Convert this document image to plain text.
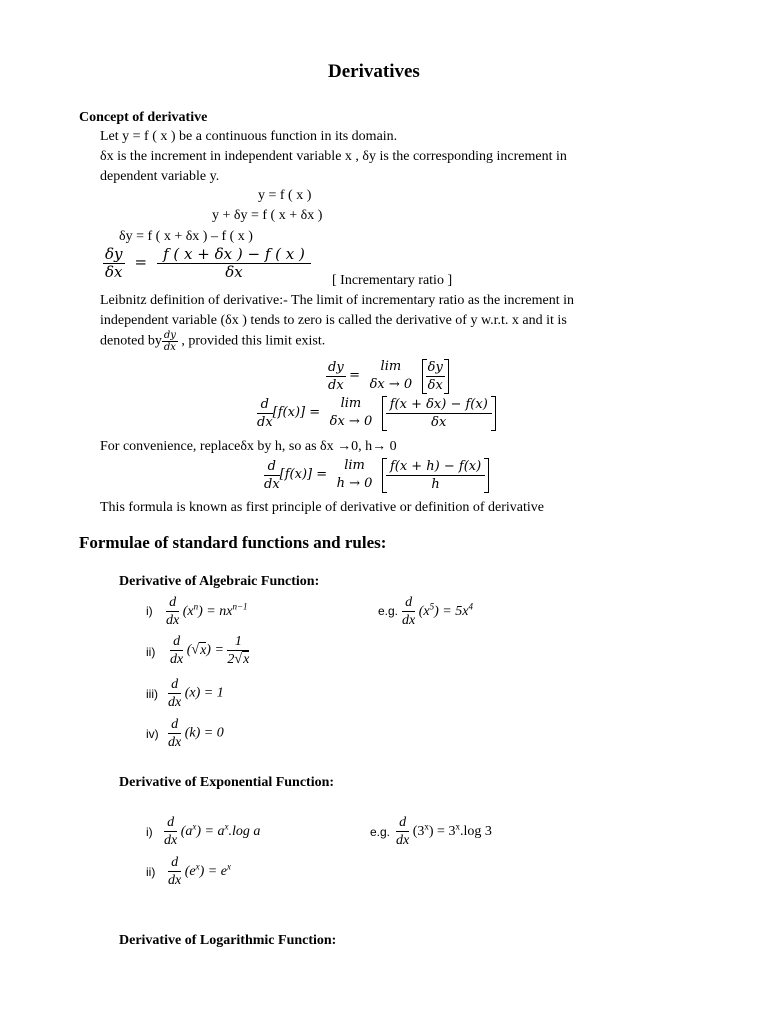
Derivatives
Concept of derivative
Let y = f ( x ) be a continuous function in its domain.
δx is the increment in independent variable x , δy is the corresponding increment in
dependent variable y.
y = f ( x )
y + δy = f ( x + δx )
δy = f ( x + δx ) – f ( x )
$\frac{\delta y}{\delta x} = \frac{f ( x + \delta x ) - f ( x )}{\delta x}$ [ Incrementary ratio ]
Leibnitz definition of derivative:- The limit of incrementary ratio as the increment in
independent variable (δx ) tends to zero is called the derivative of y w.r.t. x and it is
denoted by $\frac{dy}{dx}$ , provided this limit exist.
$\frac{dy}{dx}$ =
lim
δx → 0
$\frac{\delta y}{\delta x}$
$\frac{d}{dx} [f(x)]$ =
lim
δx → 0
$\frac{f(x + \delta x) - f(x)}{\delta x}$
For convenience, replaceδx by h, so as δx →0, h→ 0
$\frac{d}{dx} [f(x)]$ =
lim
h → 0
$\frac{f(x + h) - f(x)}{h}$
This formula is known as first principle of derivative or definition of derivative
Formulae of standard functions and rules:
Derivative of Algebraic Function:
$i) \frac{d}{dx} (x^n) = nx^{n-1}$	e.g. $\frac{d}{dx} (x^5) = 5x^4$
$ii) \frac{d}{dx} (√x) = \frac{1}{2√x}$
$iii) \frac{d}{dx} (x) = 1$
$iv) \frac{d}{dx} (k) = 0$
Derivative of Exponential Function:
$i) \frac{d}{dx} (a^x) = a^x.\log$ a	e.g. $\frac{d}{dx} (3^x) = 3^x.\log$ 3
$ii) \frac{d}{dx} (e^x) = e^x$
Derivative of Logarithmic Function:
